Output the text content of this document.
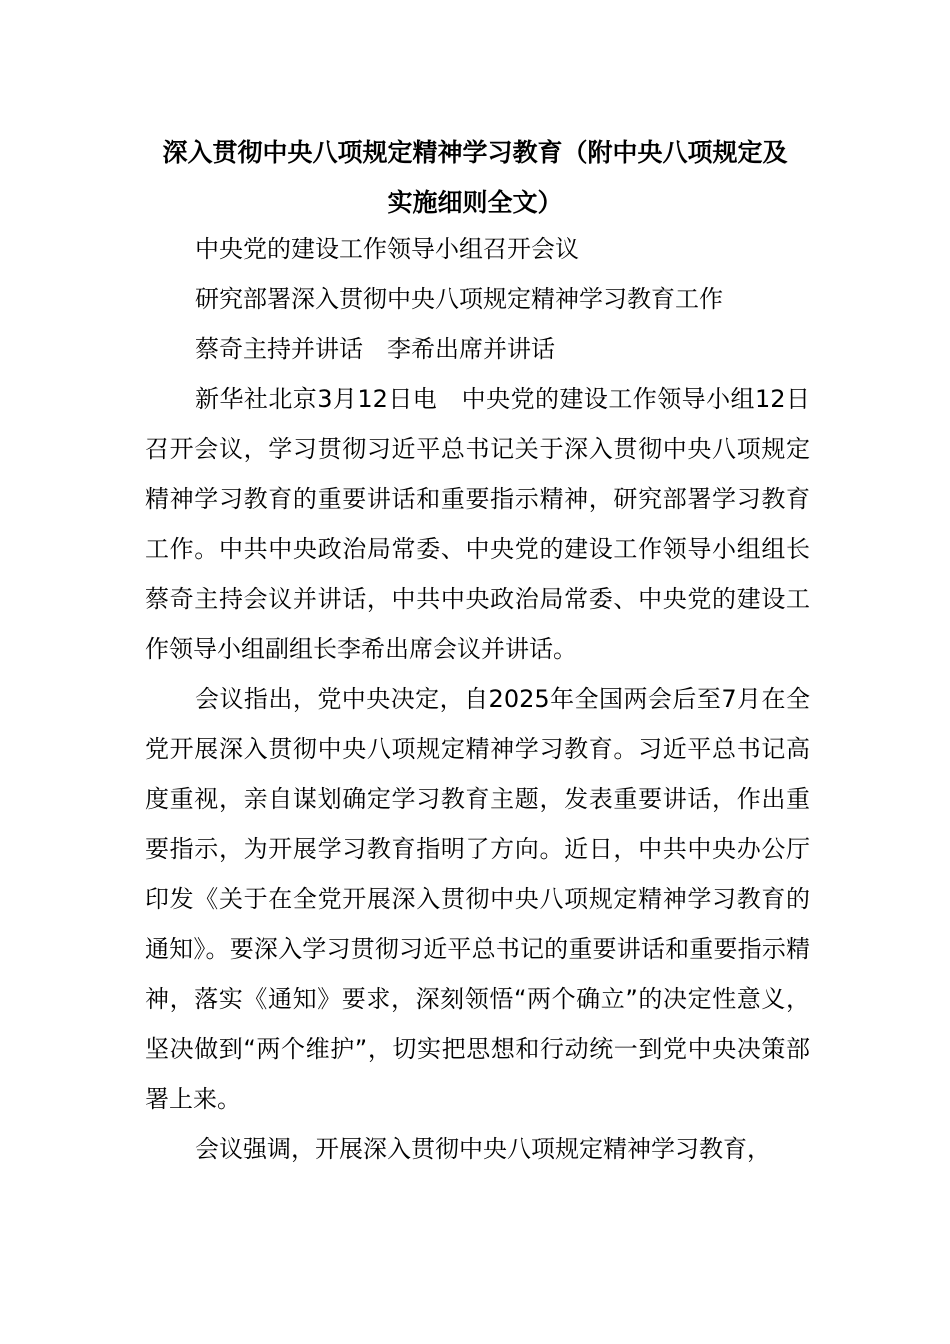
深入贯彻中央八项规定精神学习教育（附中央八项规定及
实施细则全文）

中央党的建设工作领导小组召开会议

研究部署深入贯彻中央八项规定精神学习教育工作

蔡奇主持并讲话　李希出席并讲话

新华社北京3月12日电　中央党的建设工作领导小组12日召开会议，学习贯彻习近平总书记关于深入贯彻中央八项规定精神学习教育的重要讲话和重要指示精神，研究部署学习教育工作。中共中央政治局常委、中央党的建设工作领导小组组长蔡奇主持会议并讲话，中共中央政治局常委、中央党的建设工作领导小组副组长李希出席会议并讲话。

会议指出，党中央决定，自2025年全国两会后至7月在全党开展深入贯彻中央八项规定精神学习教育。习近平总书记高度重视，亲自谋划确定学习教育主题，发表重要讲话，作出重要指示，为开展学习教育指明了方向。近日，中共中央办公厅印发《关于在全党开展深入贯彻中央八项规定精神学习教育的通知》。要深入学习贯彻习近平总书记的重要讲话和重要指示精神，落实《通知》要求，深刻领悟“两个确立”的决定性意义，坚决做到“两个维护”，切实把思想和行动统一到党中央决策部署上来。

会议强调，开展深入贯彻中央八项规定精神学习教育，
